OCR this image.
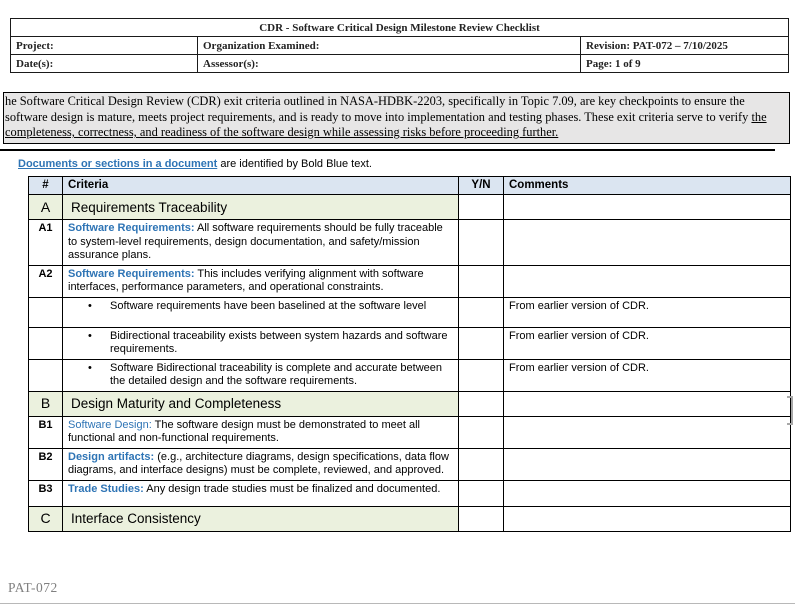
CDR - Software Critical Design Milestone Review Checklist		
Project:	Organization Examined:	Revision: PAT-072 – 7/10/2025
Date(s):	Assessor(s):	Page: 1 of 9
he Software Critical Design Review (CDR) exit criteria outlined in NASA-HDBK-2203, specifically in Topic 7.09, are key checkpoints to ensure the software design is mature, meets project requirements, and is ready to move into implementation and testing phases. These exit criteria serve to verify the completeness, correctness, and readiness of the software design while assessing risks before proceeding further.
Documents or sections in a document are identified by Bold Blue text.
#	Criteria	Y/N	Comments
A	Requirements Traceability		
A1	Software Requirements: All software requirements should be fully traceable to system-level requirements, design documentation, and safety/mission assurance plans.		
A2	Software Requirements: This includes verifying alignment with software interfaces, performance parameters, and operational constraints.		

	• Software requirements have been baselined at the software level		From earlier version of CDR.

	• Bidirectional traceability exists between system hazards and software requirements.		From earlier version of CDR.

	• Software Bidirectional traceability is complete and accurate between the detailed design and the software requirements.		From earlier version of CDR.
B	Design Maturity and Completeness		
B1	Software Design: The software design must be demonstrated to meet all functional and non-functional requirements.		
B2	Design artifacts: (e.g., architecture diagrams, design specifications, data flow diagrams, and interface designs) must be complete, reviewed, and approved.		
B3	Trade Studies: Any design trade studies must be finalized and documented.		
C	Interface Consistency		
PAT-072
